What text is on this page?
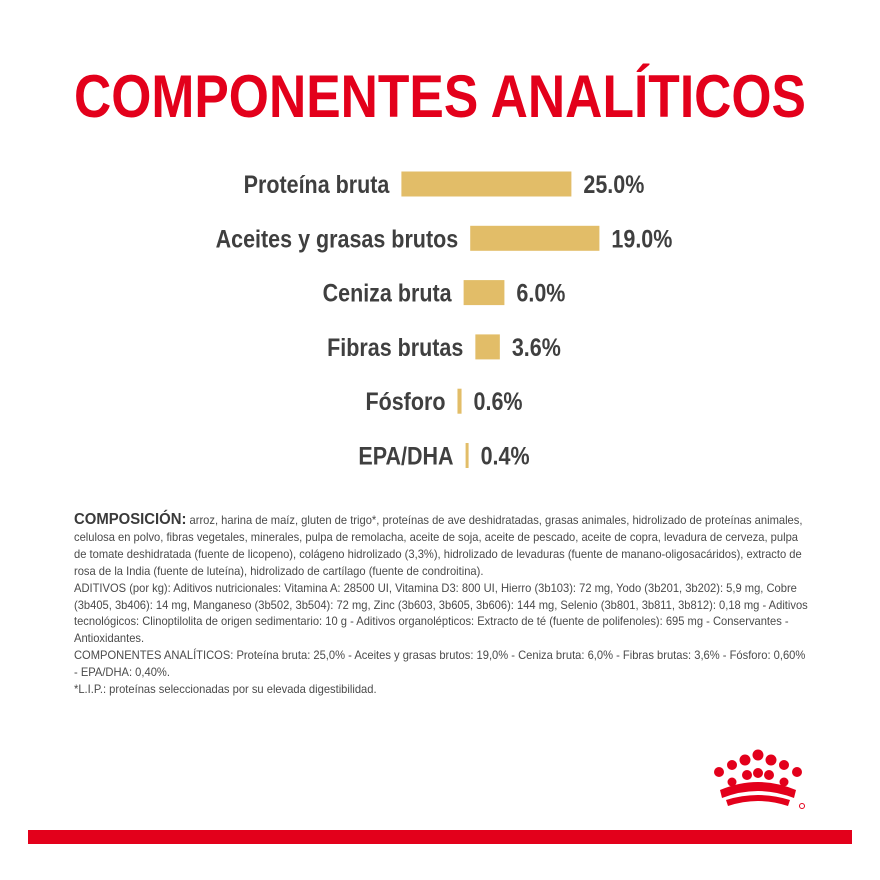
COMPONENTES ANALÍTICOS
Proteína bruta	25.0%
Aceites y grasas brutos	19.0%
Ceniza bruta	6.0%
Fibras brutas 3.6%
Fósforo 0.6%
EPA/DHA 0.4%

COMPOSICIÓN: arroz, harina de maíz, gluten de trigo*, proteínas de ave deshidratadas, grasas animales, hidrolizado de proteínas animales, celulosa en polvo, fibras vegetales, minerales, pulpa de remolacha, aceite de soja, aceite de pescado, aceite de copra, levadura de cerveza, pulpa de tomate deshidratada (fuente de licopeno), colágeno hidrolizado (3,3%), hidrolizado de levaduras (fuente de manano-oligosacáridos), extracto de rosa de la India (fuente de luteína), hidrolizado de cartílago (fuente de condroitina).

ADITIVOS (por kg): Aditivos nutricionales: Vitamina A: 28500 UI, Vitamina D3: 800 UI, Hierro (3b103): 72 mg, Yodo (3b201, 3b202): 5,9 mg, Cobre (3b405, 3b406): 14 mg, Manganeso (3b502, 3b504): 72 mg, Zinc (3b603, 3b605, 3b606): 144 mg, Selenio (3b801, 3b811, 3b812): 0,18 mg - Aditivos tecnológicos: Clinoptilolita de origen sedimentario: 10 g - Aditivos organolépticos: Extracto de té (fuente de polifenoles): 695 mg - Conservantes - Antioxidantes.

COMPONENTES ANALÍTICOS: Proteína bruta: 25,0% - Aceites y grasas brutos: 19,0% - Ceniza bruta: 6,0% - Fibras brutas: 3,6% - Fósforo: 0,60% - EPA/DHA: 0,40%.

*L.I.P.: proteínas seleccionadas por su elevada digestibilidad.
